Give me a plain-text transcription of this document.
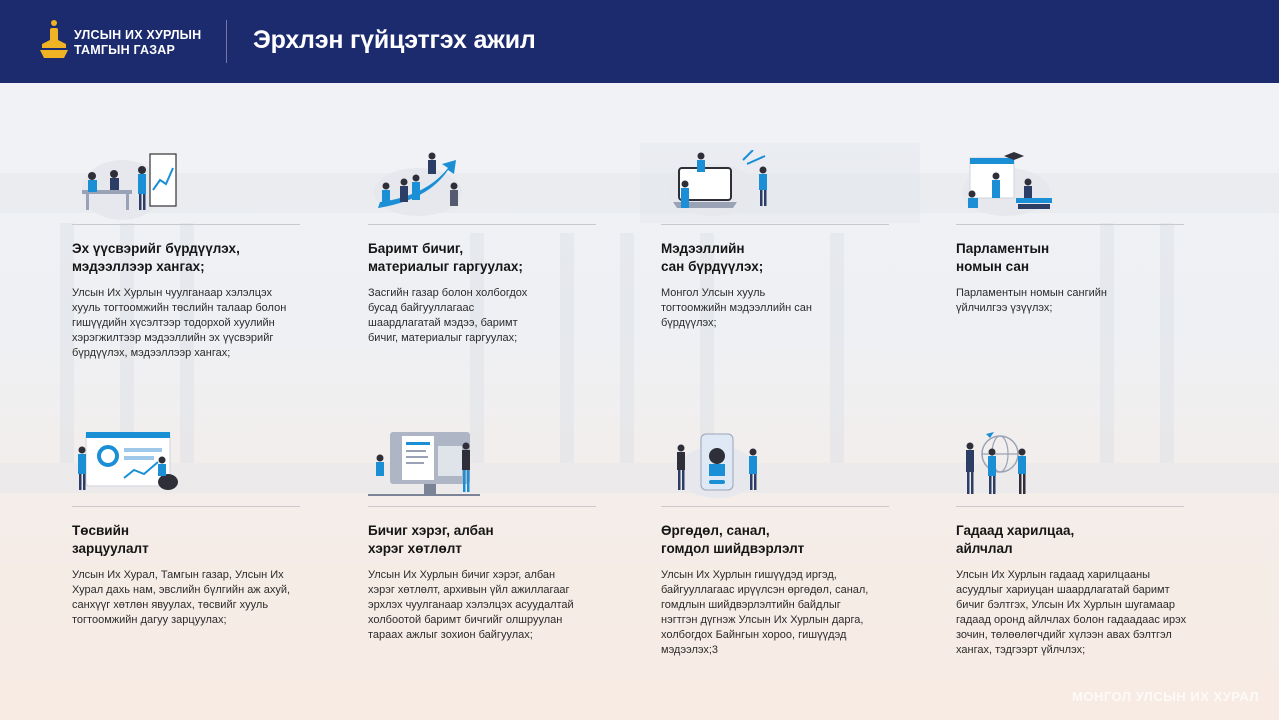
УЛСЫН ИХ ХУРЛЫН
ТАМГЫН ГАЗАР	Эрхлэн гүйцэтгэх ажил
Эх үүсвэрийг бүрдүүлэх,
мэдээллээр хангах;
Улсын Их Хурлын чуулганаар хэлэлцэх
хууль тогтоомжийн төслийн талаар болон
гишүүдийн хүсэлтээр тодорхой хуулийн
хэрэгжилтээр мэдээллийн эх үүсвэрийг
бүрдүүлэх, мэдээллээр хангах;
Баримт бичиг,
материалыг гаргуулах;
Засгийн газар болон холбогдох
бусад байгууллагаас
шаардлагатай мэдээ, баримт
бичиг, материалыг гаргуулах;
Мэдээллийн
сан бүрдүүлэх;
Монгол Улсын хууль
тогтоомжийн мэдээллийн сан
бүрдүүлэх;
Парламентын
номын сан
Парламентын номын сангийн
үйлчилгээ үзүүлэх;
Төсвийн
зарцуулалт
Улсын Их Хурал, Тамгын газар, Улсын Их
Хурал дахь нам, эвслийн бүлгийн аж ахуй,
санхүүг хөтлөн явуулах, төсвийг хууль
тогтоомжийн дагуу зарцуулах;
Бичиг хэрэг, албан
хэрэг хөтлөлт
Улсын Их Хурлын бичиг хэрэг, албан
хэрэг хөтлөлт, архивын үйл ажиллагааг
эрхлэх чуулганаар хэлэлцэх асуудалтай
холбоотой баримт бичгийг олшруулан
тараах ажлыг зохион байгуулах;
Өргөдөл, санал,
гомдол шийдвэрлэлт
Улсын Их Хурлын гишүүдэд иргэд,
байгууллагаас ирүүлсэн өргөдөл, санал,
гомдлын шийдвэрлэлтийн байдлыг
нэгтгэн дүгнэж Улсын Их Хурлын дарга,
холбогдох Байнгын хороо, гишүүдэд
мэдээлэх;3
Гадаад харилцаа,
айлчлал
Улсын Их Хурлын гадаад харилцааны
асуудлыг хариуцан шаардлагатай баримт
бичиг бэлтгэх, Улсын Их Хурлын шугамаар
гадаад оронд айлчлах болон гадаадаас ирэх
зочин, төлөөлөгчдийг хүлээн авах бэлтгэл
хангах, тэдгээрт үйлчлэх;
МОНГОЛ УЛСЫН ИХ ХУРАЛ
